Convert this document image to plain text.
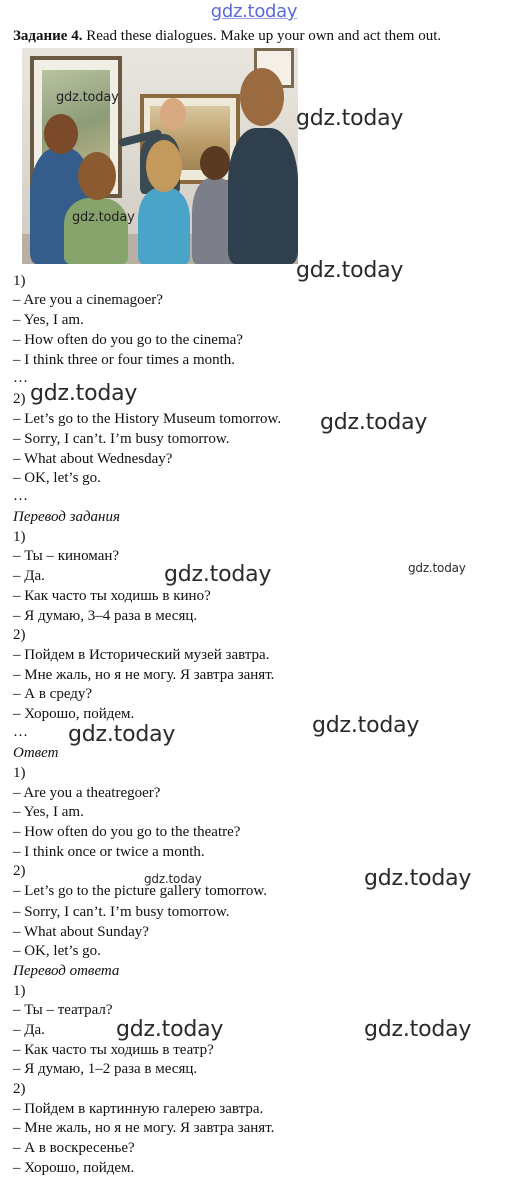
gdz.today
Задание 4. Read these dialogues. Make up your own and act them out.
gdz.today
gdz.today
1)
– Are you a cinemagoer?
– Yes, I am.
– How often do you go to the cinema?
– I think three or four times a month.
…
2)
– Let’s go to the History Museum tomorrow.
– Sorry, I can’t. I’m busy tomorrow.
– What about Wednesday?
– OK, let’s go.
…
Перевод задания
1)
– Ты – киноман?
– Да.
– Как часто ты ходишь в кино?
– Я думаю, 3–4 раза в месяц.
2)
– Пойдем в Исторический музей завтра.
– Мне жаль, но я не могу. Я завтра занят.
– А в среду?
– Хорошо, пойдем.
…
Ответ
1)
– Are you a theatregoer?
– Yes, I am.
– How often do you go to the theatre?
– I think once or twice a month.
2)
– Let’s go to the picture gallery tomorrow.
– Sorry, I can’t. I’m busy tomorrow.
– What about Sunday?
– OK, let’s go.
Перевод ответа
1)
– Ты – театрал?
– Да.
– Как часто ты ходишь в театр?
– Я думаю, 1–2 раза в месяц.
2)
– Пойдем в картинную галерею завтра.
– Мне жаль, но я не могу. Я завтра занят.
– А в воскресенье?
– Хорошо, пойдем.
gdz.today
gdz.today
gdz.today
gdz.today
gdz.today	gdz.today
gdz.today
gdz.today
gdz.today
gdz.today
gdz.today	gdz.today
